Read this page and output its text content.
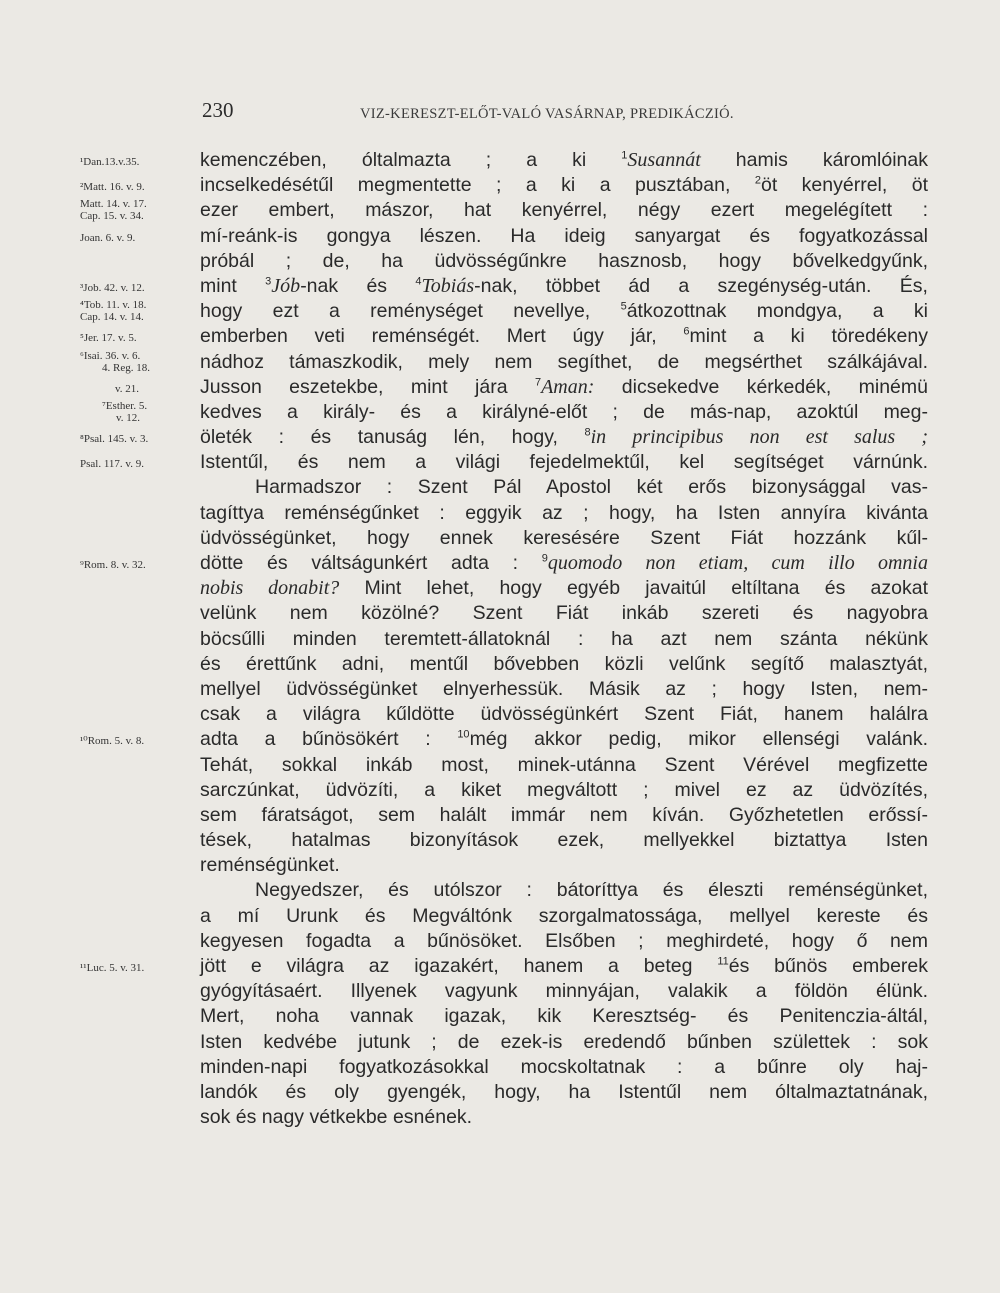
230	VIZ-KERESZT-ELŐT-VALÓ VASÁRNAP, PREDIKÁCZIÓ.
¹Dan.13.v.35.	kemenczében, óltalmazta ; a ki $^1$Susannát hamis káromlóinak
²Matt. 16. v. 9.	incselkedésétűl megmentette ; a ki a pusztában, $^2$öt kenyérrel, öt
Matt. 14. v. 17.
Cap. 15. v. 34.	ezer embert, mászor, hat kenyérrel, négy ezert megelégített :
Joan. 6. v. 9.	mí-reánk-is gongya lészen. Ha ideig sanyargat és fogyatkozással
próbál ; de, ha üdvösségűnkre hasznosb, hogy bővelkedgyűnk,
³Job. 42. v. 12.	mint $^3$Jób-nak és $^4$Tobiás-nak, többet ád a szegénység-után. És,
⁴Tob. 11. v. 18.
Cap. 14. v. 14.	hogy ezt a reménységet nevellye, $^5$átkozottnak mondgya, a ki
⁵Jer. 17. v. 5.	emberben veti reménségét. Mert úgy jár, $^6$mint a ki töredékeny
⁶Isai. 36. v. 6.
4. Reg. 18.	nádhoz támaszkodik, mely nem segíthet, de megsérthet szálkájával.
v. 21.	Jusson eszetekbe, mint jára $^7$Aman: dicsekedve kérkedék, minémü
⁷Esther. 5.
v. 12.	kedves a király- és a királyné-előt ; de más-nap, azoktúl meg-
⁸Psal. 145. v. 3.	öleték : és tanuság lén, hogy, $^8$in principibus non est salus ;
Psal. 117. v. 9.	Istentűl, és nem a világi fejedelmektűl, kel segítséget várnúnk.
Harmadszor : Szent Pál Apostol két erős bizonysággal vas-
tagíttya reménségűnket : eggyik az ; hogy, ha Isten annyíra kivánta
üdvösségünket, hogy ennek keresésére Szent Fiát hozzánk kűl-
⁹Rom. 8. v. 32.	dötte és váltságunkért adta : $^9$quomodo non etiam, cum illo omnia
nobis donabit? Mint lehet, hogy egyéb javaitúl eltíltana és azokat
velünk nem közölné? Szent Fiát inkáb szereti és nagyobra
böcsűlli minden teremtett-állatoknál : ha azt nem szánta nékünk
és érettűnk adni, mentűl bővebben közli velűnk segítő malasztyát,
mellyel üdvösségünket elnyerhessük. Másik az ; hogy Isten, nem-
csak a világra kűldötte üdvösségünkért Szent Fiát, hanem halálra
¹⁰Rom. 5. v. 8.	adta a bűnösökért : $^{10}$még akkor pedig, mikor ellenségi valánk.
Tehát, sokkal inkáb most, minek-utánna Szent Vérével megfizette
sarczúnkat, üdvözíti, a kiket megváltott ; mivel ez az üdvözítés,
sem fáratságot, sem halált immár nem kíván. Győzhetetlen erőssí-
tések, hatalmas bizonyítások ezek, mellyekkel biztattya Isten
reménségünket.
Negyedszer, és utólszor : bátoríttya és éleszti reménségünket,
a mí Urunk és Megváltónk szorgalmatossága, mellyel kereste és
kegyesen fogadta a bűnösöket. Elsőben ; meghirdeté, hogy ő nem
¹¹Luc. 5. v. 31.	jött e világra az igazakért, hanem a beteg $^{11}$és bűnös emberek
gyógyításaért. Illyenek vagyunk minnyájan, valakik a földön élünk.
Mert, noha vannak igazak, kik Keresztség- és Penitenczia-áltál,
Isten kedvébe jutunk ; de ezek-is eredendő bűnben születtek : sok
minden-napi fogyatkozásokkal mocskoltatnak : a bűnre oly haj-
landók és oly gyengék, hogy, ha Istentűl nem óltalmaztatnának,
sok és nagy vétkekbe esnének.
